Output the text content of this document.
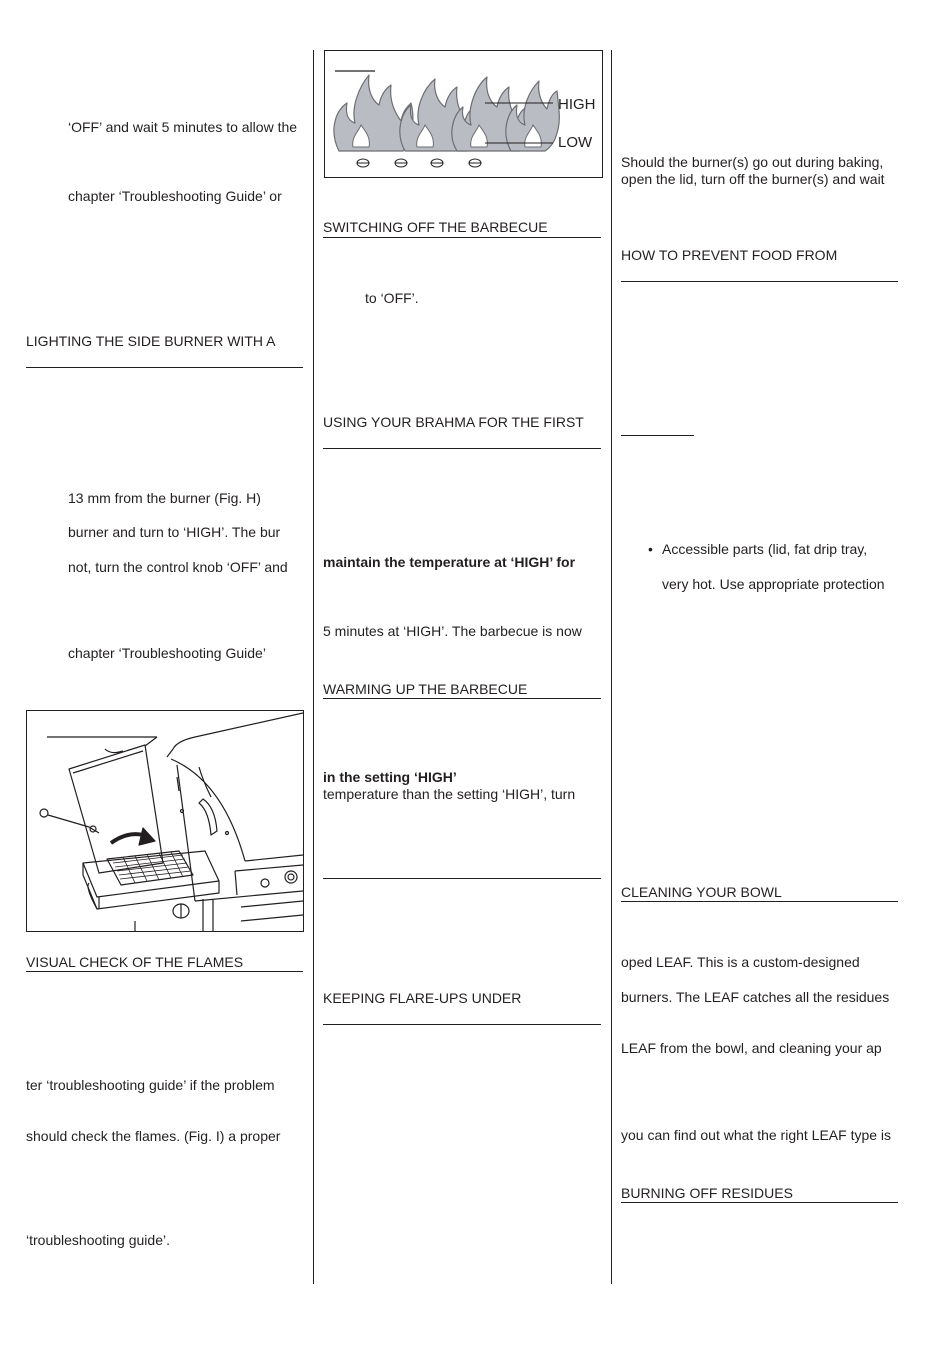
‘OFF’ and wait 5 minutes to allow the
chapter ‘Troubleshooting Guide’ or
LIGHTING THE SIDE BURNER WITH A
13 mm from the burner (Fig. H)
burner and turn to ‘HIGH’. The bur
not, turn the control knob ‘OFF’ and
chapter ‘Troubleshooting Guide’
VISUAL CHECK OF THE FLAMES
ter ‘troubleshooting guide’ if the problem
should check the flames. (Fig. I) a proper
‘troubleshooting guide’.
HIGH
LOW
SWITCHING OFF THE BARBECUE
to ‘OFF’.
USING YOUR BRAHMA FOR THE FIRST
maintain the temperature at ‘HIGH’ for
5 minutes at ‘HIGH’. The barbecue is now
WARMING UP THE BARBECUE
in the setting ‘HIGH’
temperature than the setting ‘HIGH’, turn
KEEPING FLARE-UPS UNDER
Should the burner(s) go out during baking,
open the lid, turn off the burner(s) and wait
HOW TO PREVENT FOOD FROM
• Accessible parts (lid, fat drip tray,
very hot. Use appropriate protection
CLEANING YOUR BOWL
oped LEAF. This is a custom-designed
burners. The LEAF catches all the residues
LEAF from the bowl, and cleaning your ap
you can find out what the right LEAF type is
BURNING OFF RESIDUES
